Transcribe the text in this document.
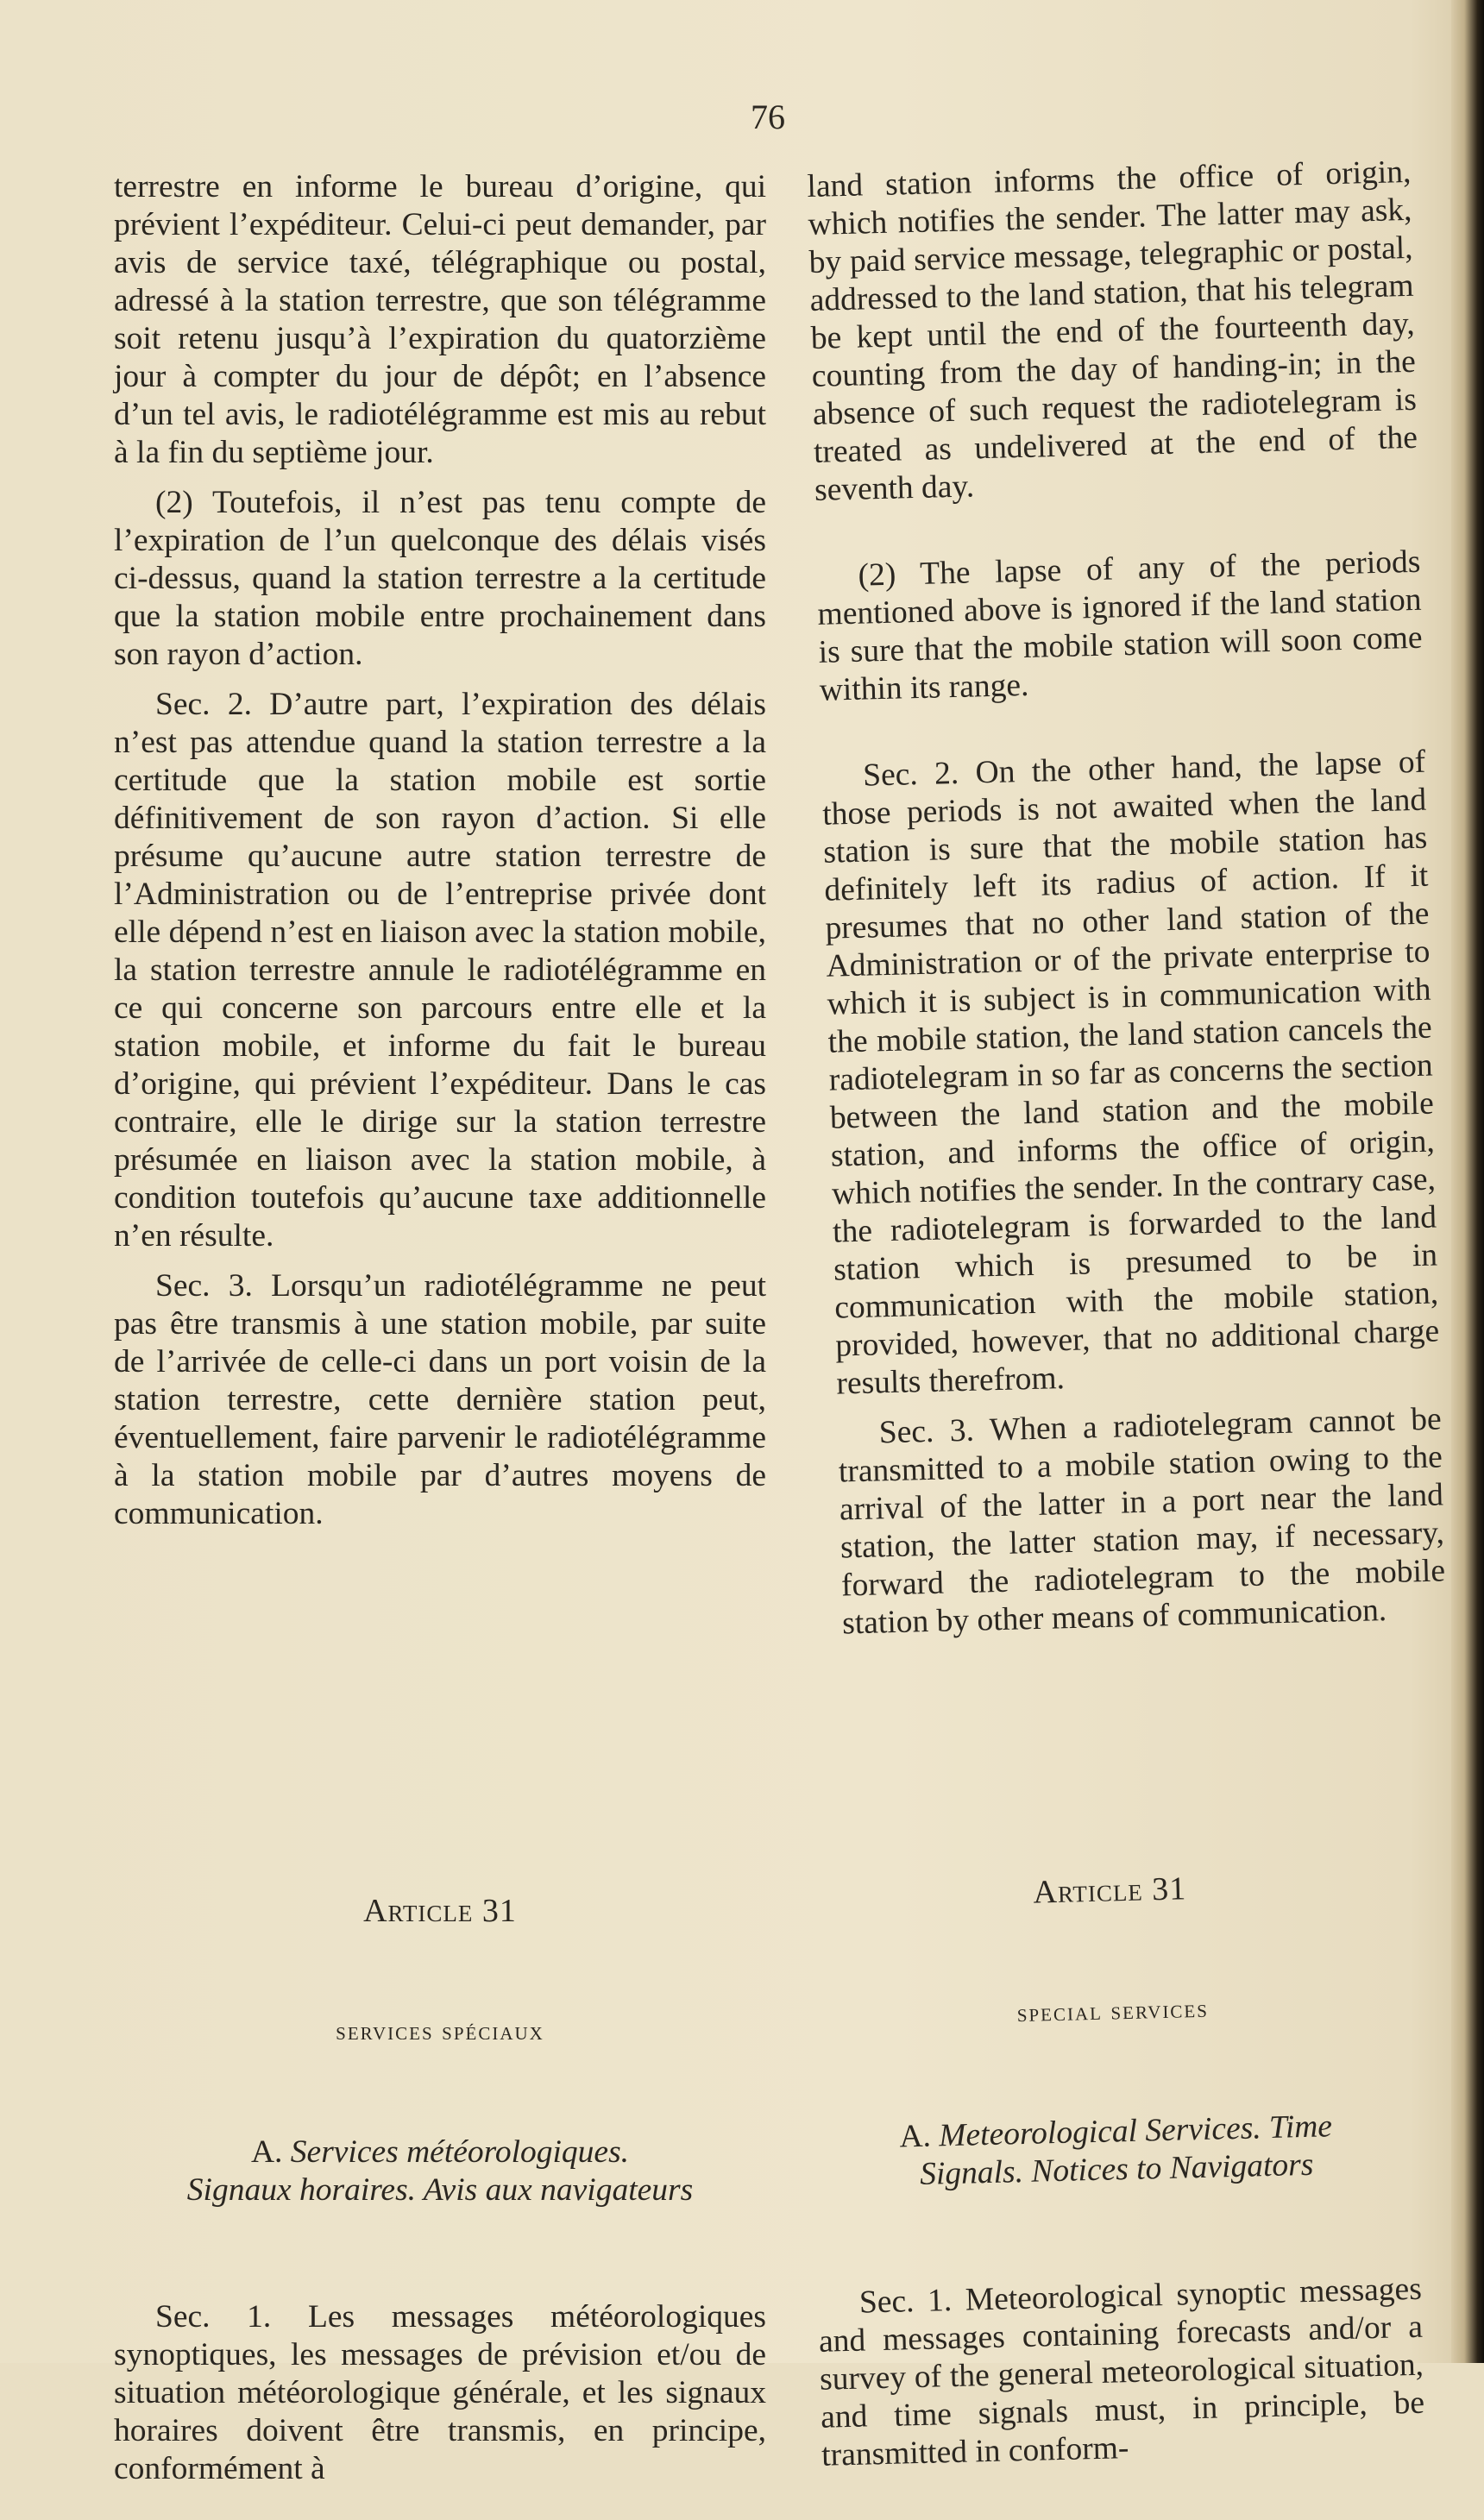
76

terrestre en informe le bureau d’origine, qui prévient l’expéditeur. Celui-ci peut demander, par avis de service taxé, télégraphique ou postal, adressé à la station terrestre, que son télégramme soit retenu jusqu’à l’expiration du quatorzième jour à compter du jour de dépôt; en l’absence d’un tel avis, le radiotélégramme est mis au rebut à la fin du septième jour.

(2) Toutefois, il n’est pas tenu compte de l’expiration de l’un quelconque des délais visés ci-dessus, quand la station terrestre a la certitude que la station mobile entre prochainement dans son rayon d’action.

Sec. 2. D’autre part, l’expiration des délais n’est pas attendue quand la station terrestre a la certitude que la station mobile est sortie définitivement de son rayon d’action. Si elle présume qu’aucune autre station terrestre de l’Administration ou de l’entreprise privée dont elle dépend n’est en liaison avec la station mobile, la station terrestre annule le radiotélégramme en ce qui concerne son parcours entre elle et la station mobile, et informe du fait le bureau d’origine, qui prévient l’expéditeur. Dans le cas contraire, elle le dirige sur la station terrestre présumée en liaison avec la station mobile, à condition toutefois qu’aucune taxe additionnelle n’en résulte.

Sec. 3. Lorsqu’un radiotélégramme ne peut pas être transmis à une station mobile, par suite de l’arrivée de celle-ci dans un port voisin de la station terrestre, cette dernière station peut, éventuellement, faire parvenir le radiotélégramme à la station mobile par d’autres moyens de communication.

Article 31

services spéciaux

A. Services météorologiques.
Signaux horaires. Avis aux navigateurs

Sec. 1. Les messages météorologiques synoptiques, les messages de prévision et/ou de situation météorologique générale, et les signaux horaires doivent être transmis, en principe, conformément à

land station informs the office of origin, which notifies the sender. The latter may ask, by paid service message, telegraphic or postal, addressed to the land station, that his telegram be kept until the end of the fourteenth day, counting from the day of handing-in; in the absence of such request the radiotelegram is treated as undelivered at the end of the seventh day.

(2) The lapse of any of the periods mentioned above is ignored if the land station is sure that the mobile station will soon come within its range.

Sec. 2. On the other hand, the lapse of those periods is not awaited when the land station is sure that the mobile station has definitely left its radius of action. If it presumes that no other land station of the Administration or of the private enterprise to which it is subject is in communication with the mobile station, the land station cancels the radiotelegram in so far as concerns the section between the land station and the mobile station, and informs the office of origin, which notifies the sender. In the contrary case, the radiotelegram is forwarded to the land station which is presumed to be in communication with the mobile station, provided, however, that no additional charge results therefrom.

Sec. 3. When a radiotelegram cannot be transmitted to a mobile station owing to the arrival of the latter in a port near the land station, the latter station may, if necessary, forward the radiotelegram to the mobile station by other means of communication.

Article 31

special services

A. Meteorological Services. Time
Signals. Notices to Navigators

Sec. 1. Meteorological synoptic messages and messages containing forecasts and/or a survey of the general meteorological situation, and time signals must, in principle, be transmitted in conform-
